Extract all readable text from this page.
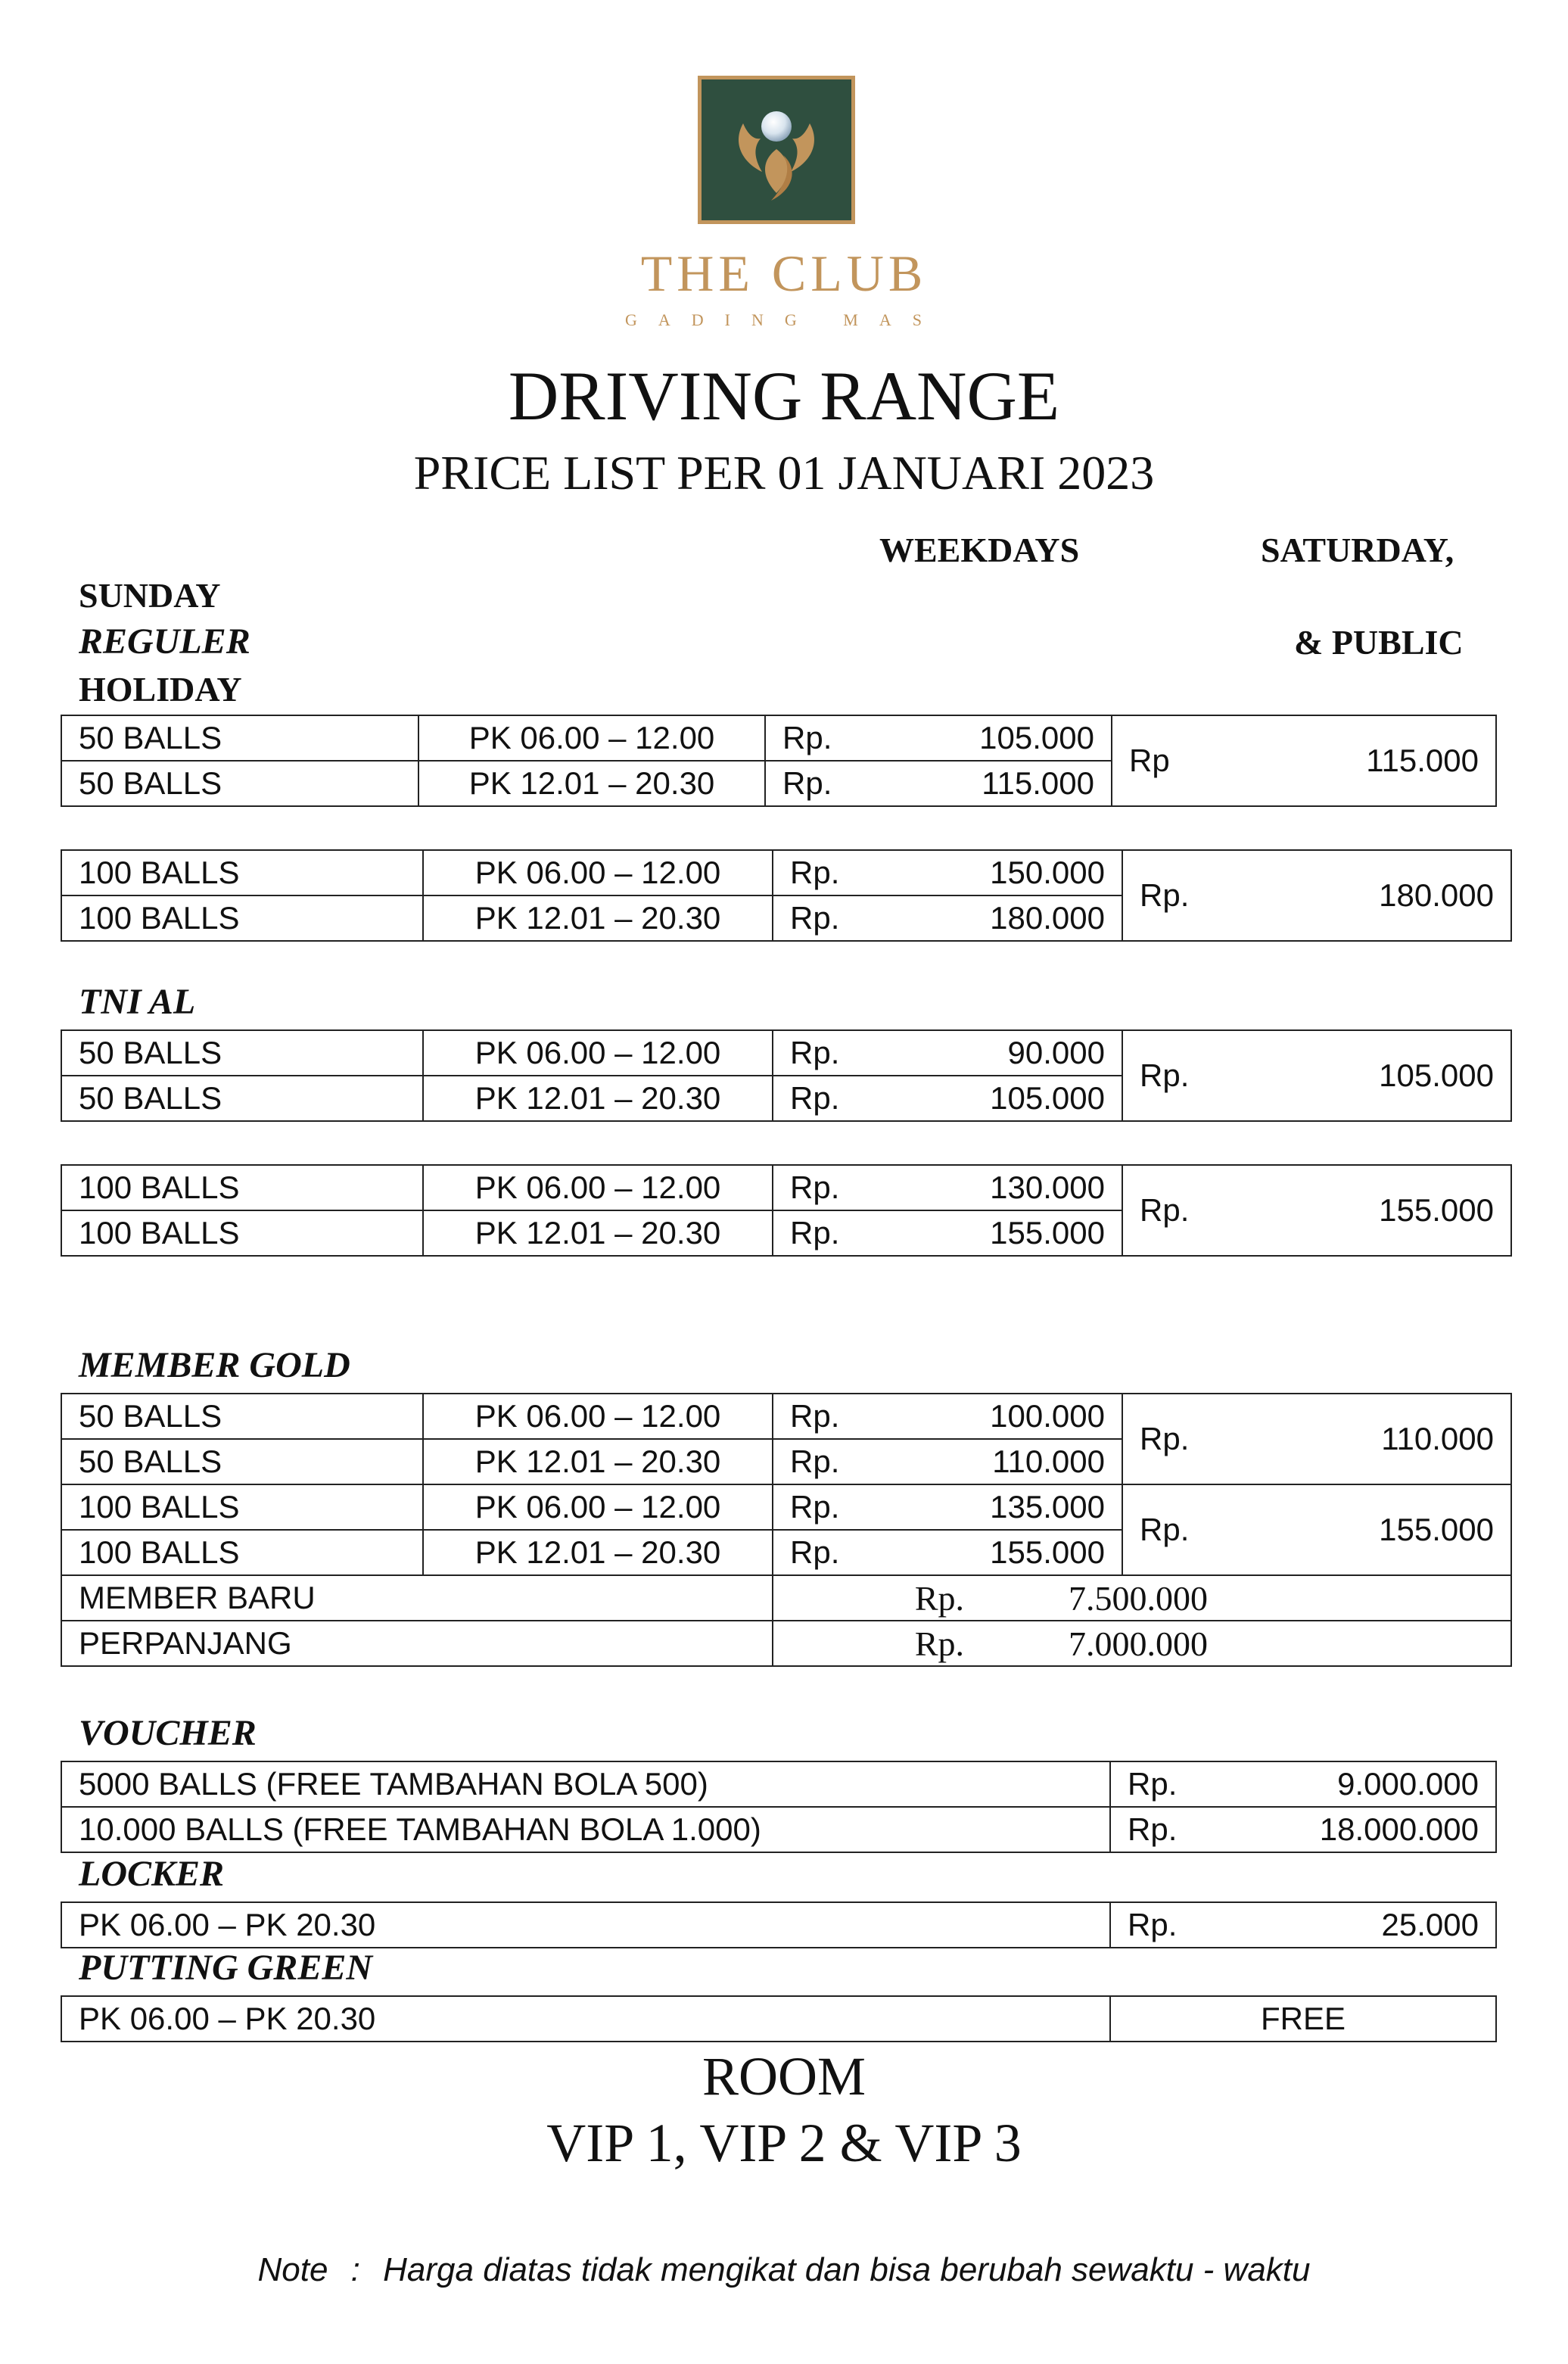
THE CLUB
GADING MAS
DRIVING RANGE
PRICE LIST PER 01 JANUARI 2023
WEEKDAYS	SATURDAY,
SUNDAY
& PUBLIC
HOLIDAY
REGULER
50 BALLS	PK 06.00 – 12.00	Rp. 105.000	Rp 115.000

50 BALLS	PK 12.01 – 20.30	Rp. 115.000	
100 BALLS	PK 06.00 – 12.00	Rp. 150.000	Rp. 180.000

100 BALLS	PK 12.01 – 20.30	Rp. 180.000	
TNI AL
50 BALLS	PK 06.00 – 12.00	Rp. 90.000	Rp. 105.000

50 BALLS	PK 12.01 – 20.30	Rp. 105.000	
100 BALLS	PK 06.00 – 12.00	Rp. 130.000	Rp. 155.000

100 BALLS	PK 12.01 – 20.30	Rp. 155.000	
MEMBER GOLD
50 BALLS	PK 06.00 – 12.00	Rp. 100.000	Rp. 110.000

50 BALLS	PK 12.01 – 20.30	Rp. 110.000	

100 BALLS	PK 06.00 – 12.00	Rp. 135.000	Rp. 155.000

100 BALLS	PK 12.01 – 20.30	Rp. 155.000	

MEMBER BARU		Rp. 7.500.000	
PERPANJANG		Rp. 7.000.000	
VOUCHER
5000 BALLS (FREE TAMBAHAN BOLA 500)	Rp. 9.000.000

10.000 BALLS (FREE TAMBAHAN BOLA 1.000)	Rp. 18.000.000
LOCKER
PK 06.00 – PK 20.30	Rp.	25.000
PUTTING GREEN
PK 06.00 – PK 20.30	FREE
ROOM
VIP 1, VIP 2 & VIP 3
Note : Harga diatas tidak mengikat dan bisa berubah sewaktu - waktu
